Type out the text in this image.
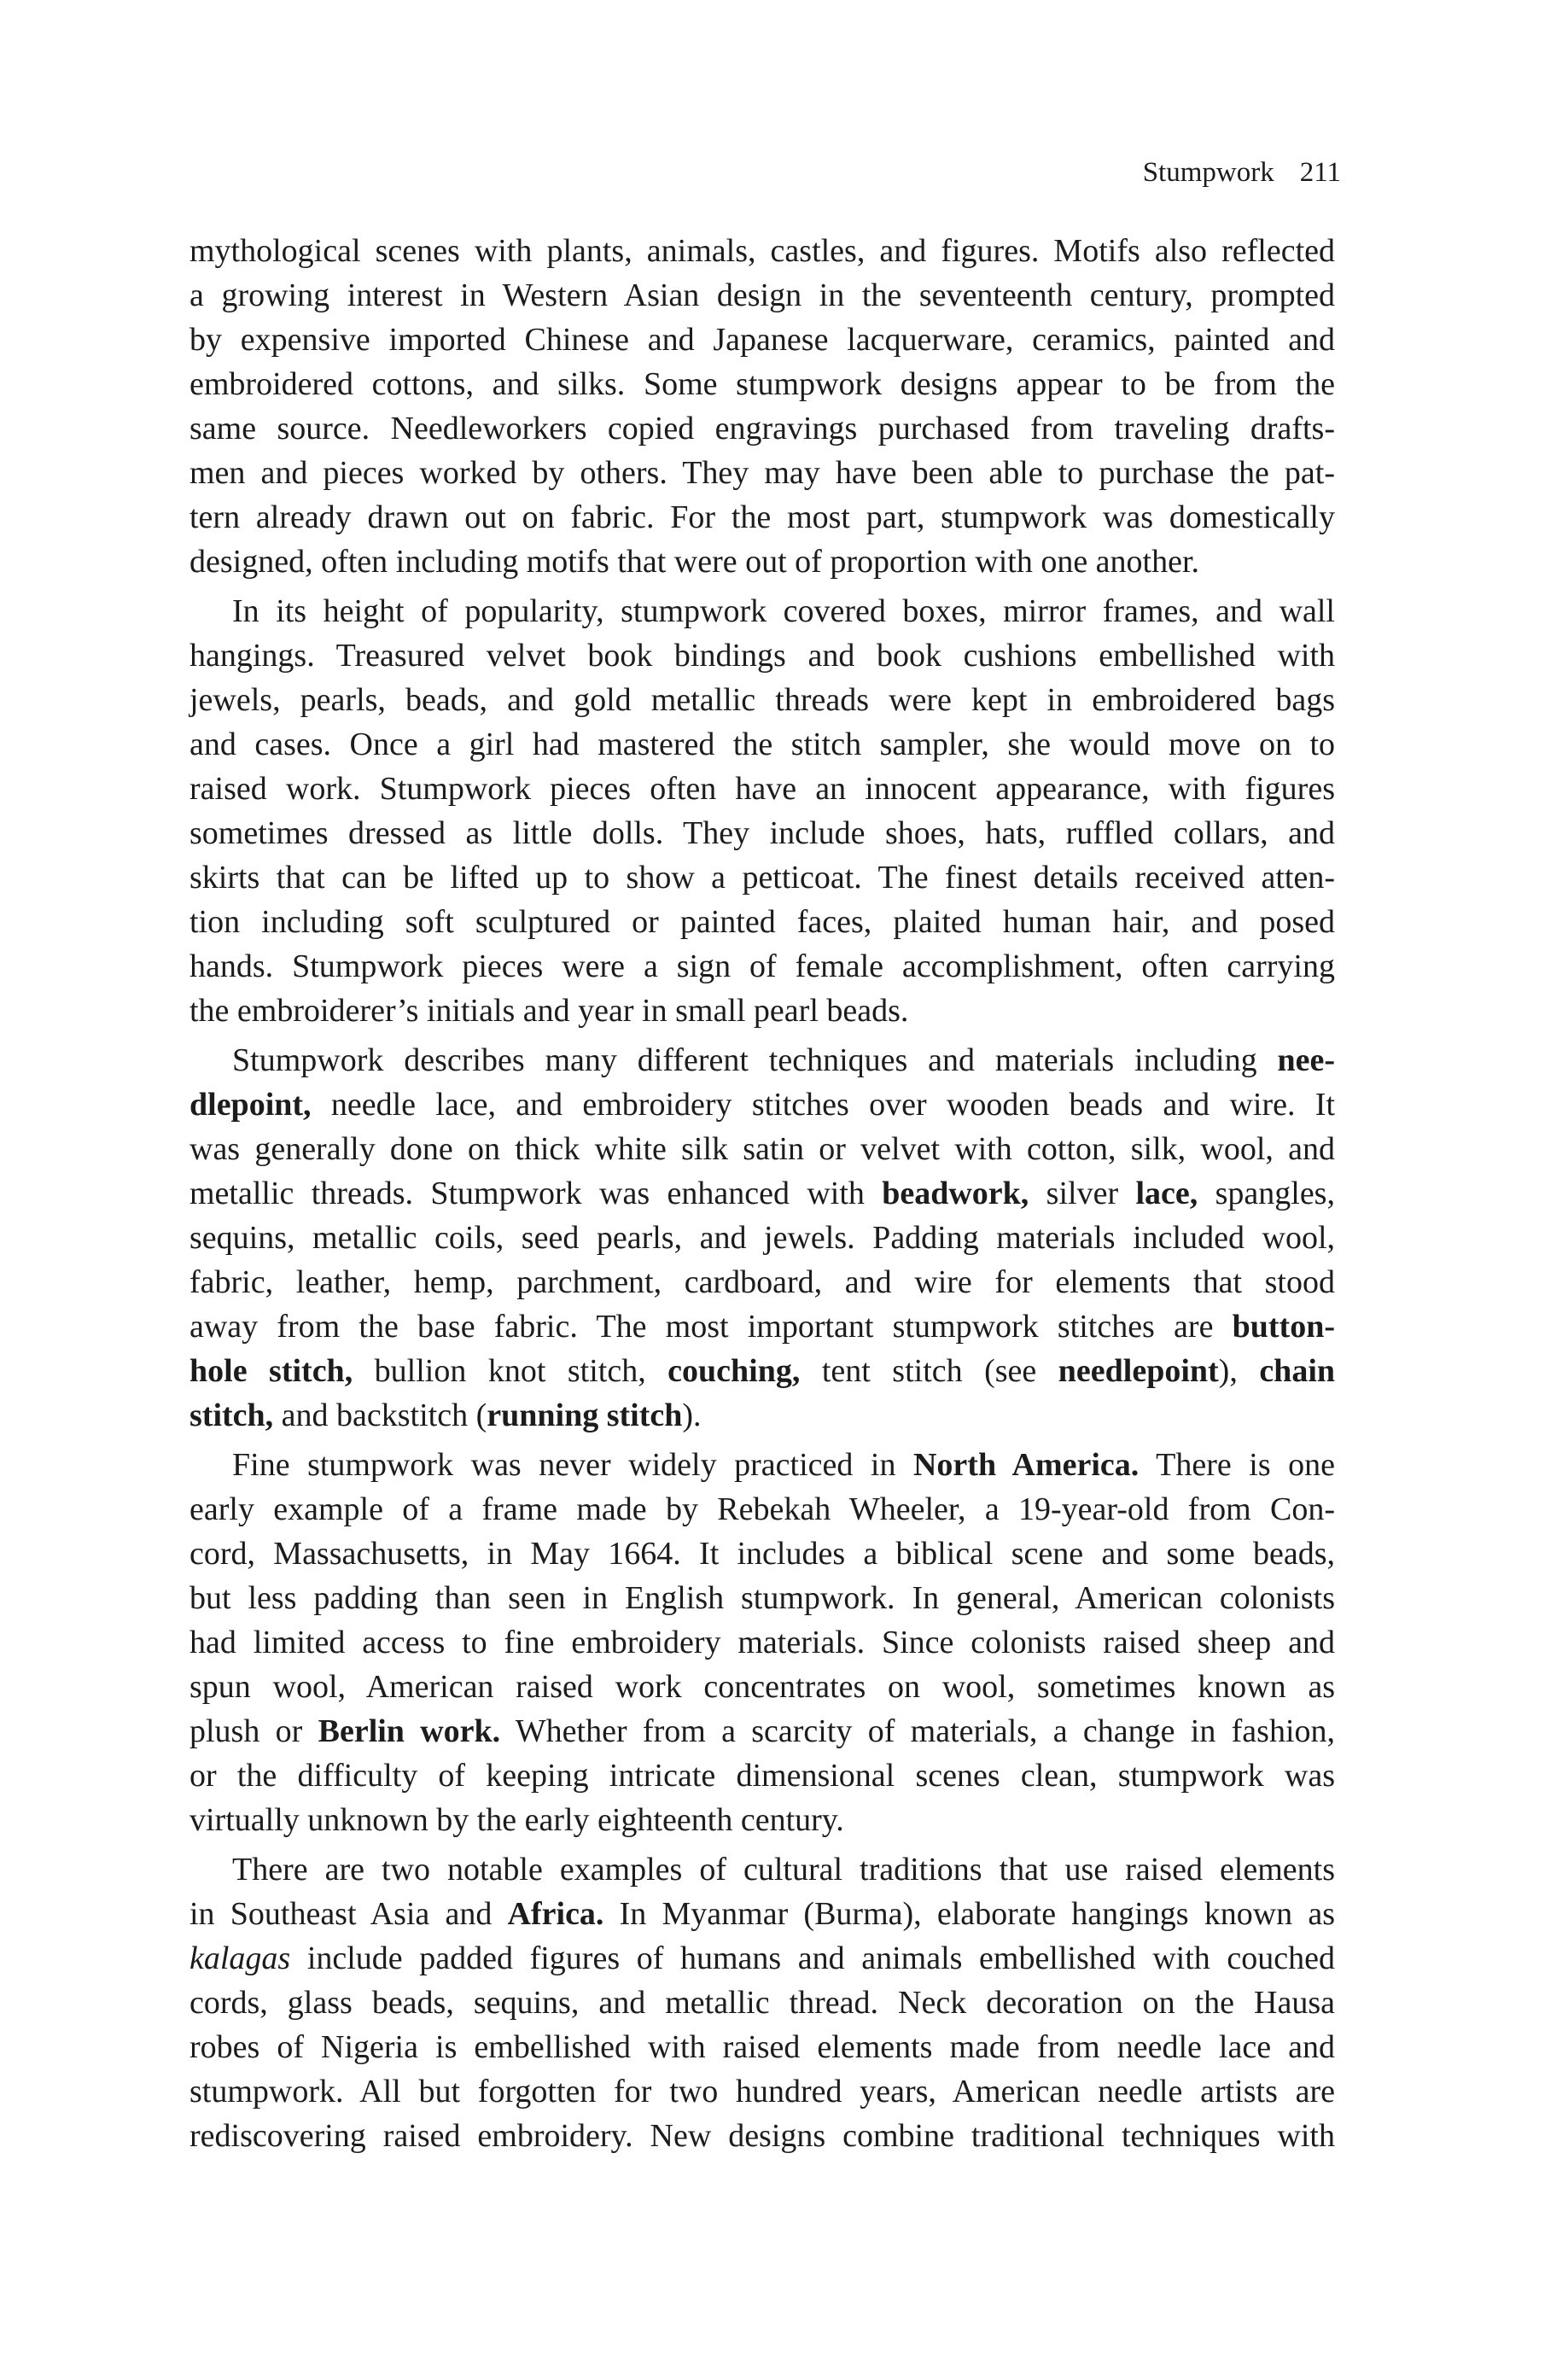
Stumpwork 211
mythological scenes with plants, animals, castles, and figures. Motifs also reflected
a growing interest in Western Asian design in the seventeenth century, prompted
by expensive imported Chinese and Japanese lacquerware, ceramics, painted and
embroidered cottons, and silks. Some stumpwork designs appear to be from the
same source. Needleworkers copied engravings purchased from traveling drafts-
men and pieces worked by others. They may have been able to purchase the pat-
tern already drawn out on fabric. For the most part, stumpwork was domestically
designed, often including motifs that were out of proportion with one another.
In its height of popularity, stumpwork covered boxes, mirror frames, and wall
hangings. Treasured velvet book bindings and book cushions embellished with
jewels, pearls, beads, and gold metallic threads were kept in embroidered bags
and cases. Once a girl had mastered the stitch sampler, she would move on to
raised work. Stumpwork pieces often have an innocent appearance, with figures
sometimes dressed as little dolls. They include shoes, hats, ruffled collars, and
skirts that can be lifted up to show a petticoat. The finest details received atten-
tion including soft sculptured or painted faces, plaited human hair, and posed
hands. Stumpwork pieces were a sign of female accomplishment, often carrying
the embroiderer’s initials and year in small pearl beads.
Stumpwork describes many different techniques and materials including nee-
dlepoint, needle lace, and embroidery stitches over wooden beads and wire. It
was generally done on thick white silk satin or velvet with cotton, silk, wool, and
metallic threads. Stumpwork was enhanced with beadwork, silver lace, spangles,
sequins, metallic coils, seed pearls, and jewels. Padding materials included wool,
fabric, leather, hemp, parchment, cardboard, and wire for elements that stood
away from the base fabric. The most important stumpwork stitches are button-
hole stitch, bullion knot stitch, couching, tent stitch (see needlepoint), chain
stitch, and backstitch (running stitch).
Fine stumpwork was never widely practiced in North America. There is one
early example of a frame made by Rebekah Wheeler, a 19-year-old from Con-
cord, Massachusetts, in May 1664. It includes a biblical scene and some beads,
but less padding than seen in English stumpwork. In general, American colonists
had limited access to fine embroidery materials. Since colonists raised sheep and
spun wool, American raised work concentrates on wool, sometimes known as
plush or Berlin work. Whether from a scarcity of materials, a change in fashion,
or the difficulty of keeping intricate dimensional scenes clean, stumpwork was
virtually unknown by the early eighteenth century.
There are two notable examples of cultural traditions that use raised elements
in Southeast Asia and Africa. In Myanmar (Burma), elaborate hangings known as
kalagas include padded figures of humans and animals embellished with couched
cords, glass beads, sequins, and metallic thread. Neck decoration on the Hausa
robes of Nigeria is embellished with raised elements made from needle lace and
stumpwork. All but forgotten for two hundred years, American needle artists are
rediscovering raised embroidery. New designs combine traditional techniques with
